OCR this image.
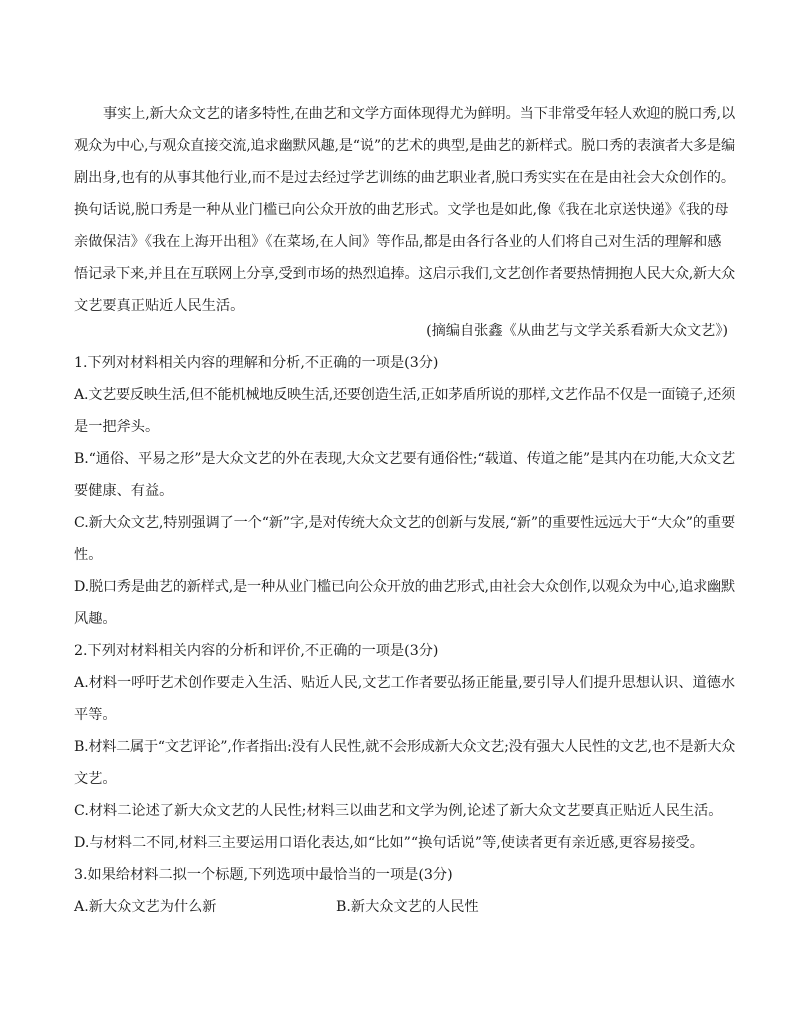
事实上,新大众文艺的诸多特性,在曲艺和文学方面体现得尤为鲜明。当下非常受年轻人欢迎的脱口秀,以
观众为中心,与观众直接交流,追求幽默风趣,是“说”的艺术的典型,是曲艺的新样式。脱口秀的表演者大多是编
剧出身,也有的从事其他行业,而不是过去经过学艺训练的曲艺职业者,脱口秀实实在在是由社会大众创作的。
换句话说,脱口秀是一种从业门槛已向公众开放的曲艺形式。文学也是如此,像《我在北京送快递》《我的母
亲做保洁》《我在上海开出租》《在菜场,在人间》等作品,都是由各行各业的人们将自己对生活的理解和感
悟记录下来,并且在互联网上分享,受到市场的热烈追捧。这启示我们,文艺创作者要热情拥抱人民大众,新大众
文艺要真正贴近人民生活。
(摘编自张鑫《从曲艺与文学关系看新大众文艺》)
1.下列对材料相关内容的理解和分析,不正确的一项是(3分)
A.文艺要反映生活,但不能机械地反映生活,还要创造生活,正如茅盾所说的那样,文艺作品不仅是一面镜子,还须
是一把斧头。
B.“通俗、平易之形”是大众文艺的外在表现,大众文艺要有通俗性;“载道、传道之能”是其内在功能,大众文艺
要健康、有益。
C.新大众文艺,特别强调了一个“新”字,是对传统大众文艺的创新与发展,“新”的重要性远远大于“大众”的重要
性。
D.脱口秀是曲艺的新样式,是一种从业门槛已向公众开放的曲艺形式,由社会大众创作,以观众为中心,追求幽默
风趣。
2.下列对材料相关内容的分析和评价,不正确的一项是(3分)
A.材料一呼吁艺术创作要走入生活、贴近人民,文艺工作者要弘扬正能量,要引导人们提升思想认识、道德水
平等。
B.材料二属于“文艺评论”,作者指出:没有人民性,就不会形成新大众文艺;没有强大人民性的文艺,也不是新大众
文艺。
C.材料二论述了新大众文艺的人民性;材料三以曲艺和文学为例,论述了新大众文艺要真正贴近人民生活。
D.与材料二不同,材料三主要运用口语化表达,如“比如”“换句话说”等,使读者更有亲近感,更容易接受。
3.如果给材料二拟一个标题,下列选项中最恰当的一项是(3分)
A.新大众文艺为什么新	B.新大众文艺的人民性
